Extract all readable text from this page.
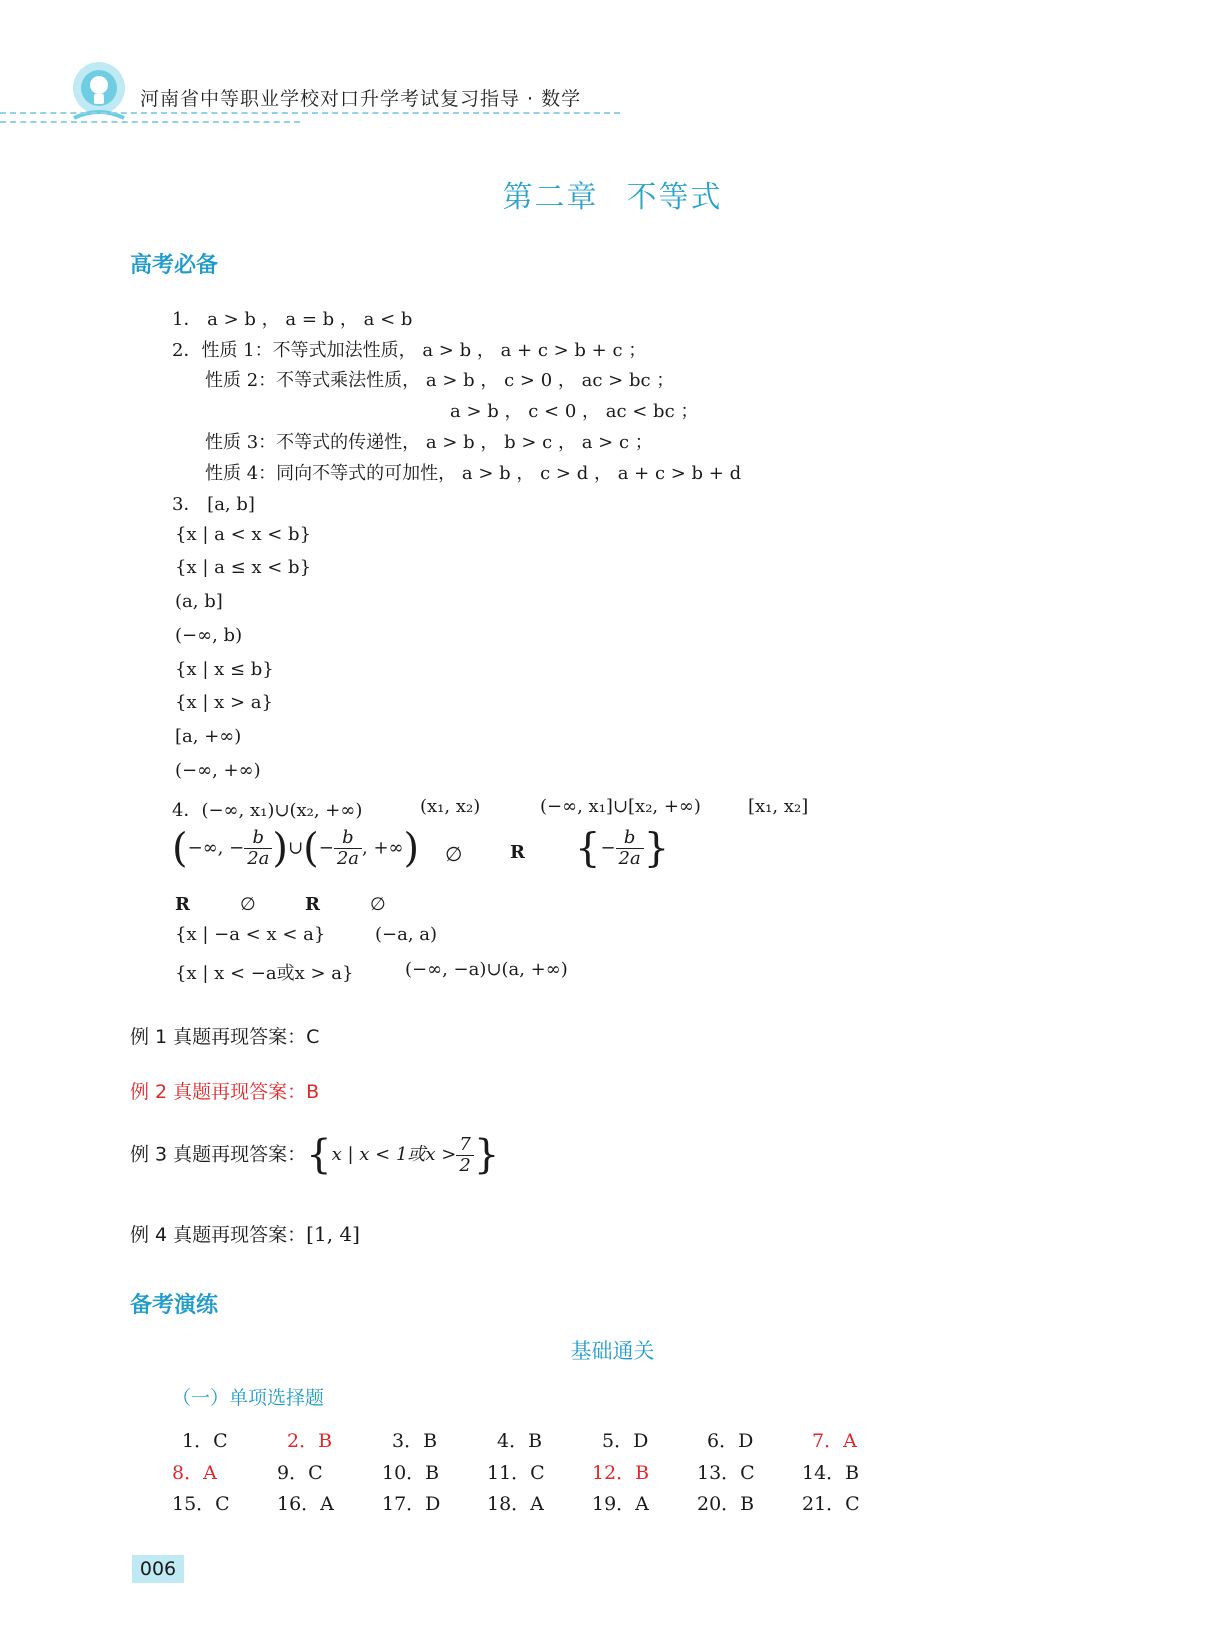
河南省中等职业学校对口升学考试复习指导 · 数学
第二章 不等式
高考必备
1． a > b ， a = b ， a < b
2．性质 1：不等式加法性质， a > b ， a + c > b + c ；
性质 2：不等式乘法性质， a > b ， c > 0 ， ac > bc ；
a > b ， c < 0 ， ac < bc ；
性质 3：不等式的传递性， a > b ， b > c ， a > c ；
性质 4：同向不等式的可加性， a > b ， c > d ， a + c > b + d
3． [a, b]
{x | a < x < b}
{x | a ≤ x < b}
(a, b]
(−∞, b)
{x | x ≤ b}
{x | x > a}
[a, +∞)
(−∞, +∞)
4．(−∞, x₁)∪(x₂, +∞)	(x₁, x₂)	(−∞, x₁]∪[x₂, +∞)	[x₁, x₂]
(−∞, − $\frac{b}{2a}$ )∪(− $\frac{b}{2a}$ , +∞) ∅	R {− $\frac{b}{2a}$ }
R	∅	R	∅
{x | −a < x < a}	(−a, a)
{x | x < −a或x > a}	(−∞, −a)∪(a, +∞)
例 1 真题再现答案：C
例 2 真题再现答案：B
例 3 真题再现答案：{x | x < 1或$x > \frac{7}{2}$ }
例 4 真题再现答案：[1, 4]
备考演练
基础通关
（一）单项选择题
1．C	2．B	3．B	4．B	5．D	6．D	7．A
8．A	9．C	10．B	11．C 12．B	13．C 14．B
15．C 16．A	17．D 18．A	19．A	20．B	21．C
006
